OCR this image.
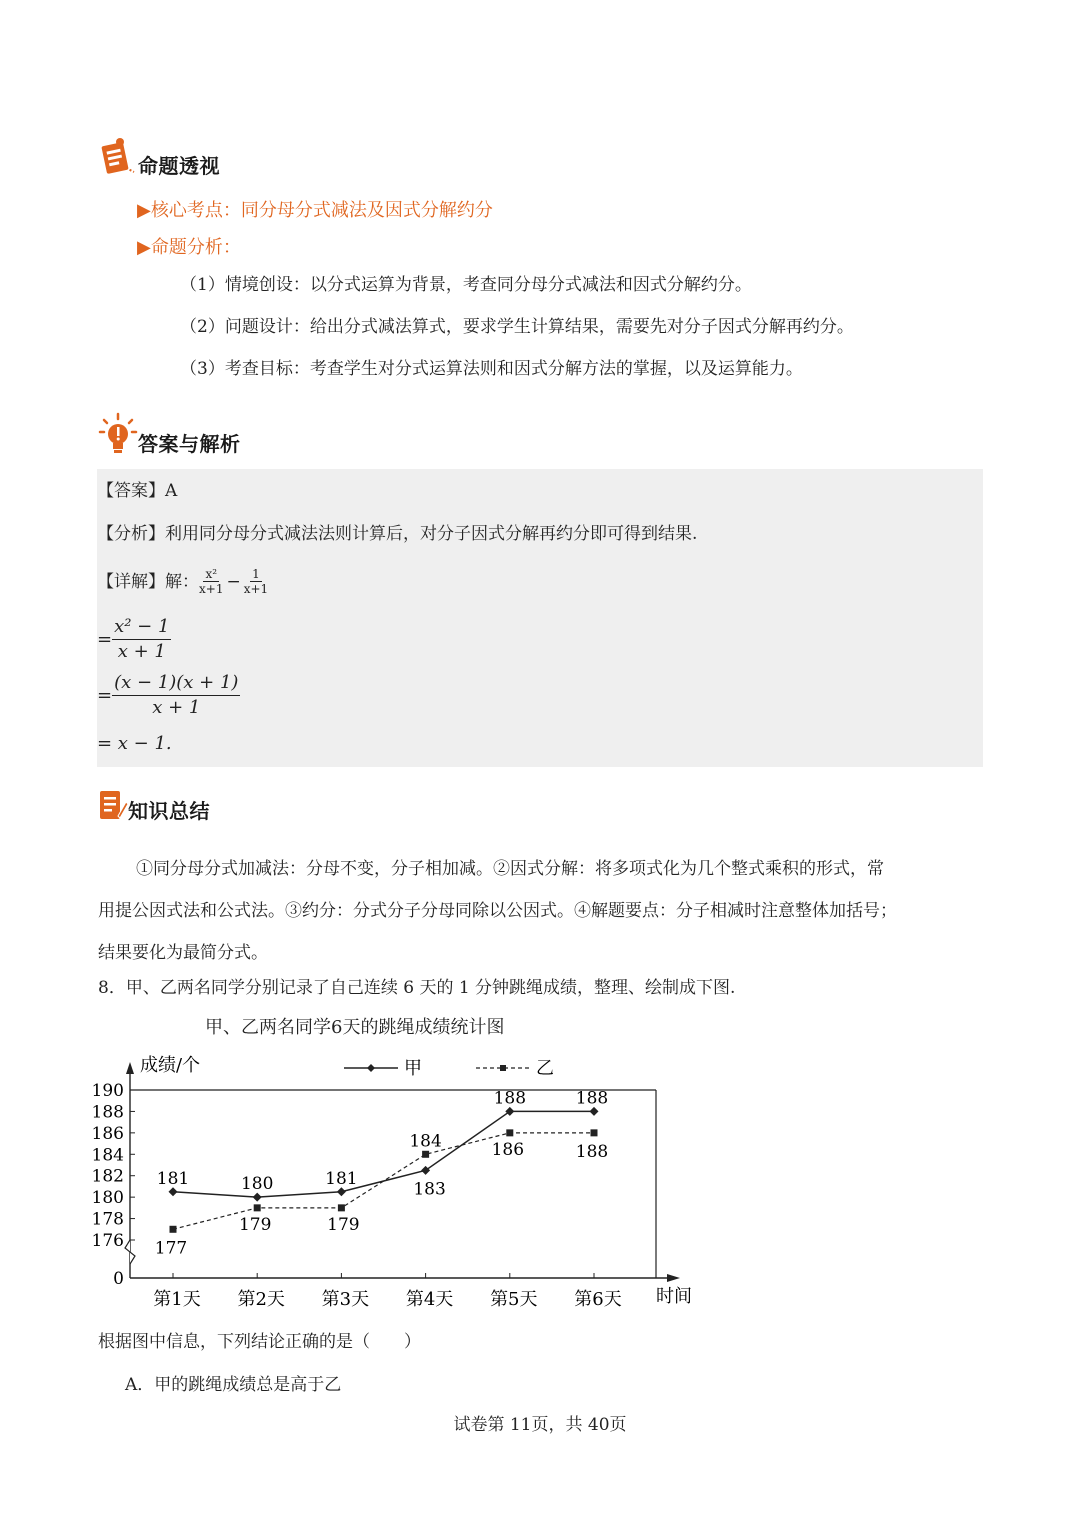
命题透视
▶核心考点：同分母分式减法及因式分解约分
▶命题分析：
（1）情境创设：以分式运算为背景，考查同分母分式减法和因式分解约分。
（2）问题设计：给出分式减法算式，要求学生计算结果，需要先对分子因式分解再约分。
（3）考查目标：考查学生对分式运算法则和因式分解方法的掌握，以及运算能力。
答案与解析
【答案】A
【分析】利用同分母分式减法法则计算后，对分子因式分解再约分即可得到结果.
【详解】解： $\frac{\text{x²}}{x+1} - \frac{1}{x+1}$
= $\frac{\text{x² − 1}}{x + 1}$
= $\frac{(x - 1)(x + 1)}{x + 1}$
= x − 1.
知识总结

①同分母分式加减法：分母不变，分子相加减。②因式分解：将多项式化为几个整式乘积的形式，常

用提公因式法和公式法。③约分：分式分子分母同除以公因式。④解题要点：分子相减时注意整体加括号；

结果要化为最简分式。

8．甲、乙两名同学分别记录了自己连续 6 天的 1 分钟跳绳成绩，整理、绘制成下图.
甲、乙两名同学6天的跳绳成绩统计图
0
176
178
180
182
184
186
188
190
成绩/个
第1天 第2天 第3天 第4天 第5天 第6天 时间
甲	乙
181	180	181
183
188	188
177
179	179
184	186	188
根据图中信息，下列结论正确的是（　　）
A．甲的跳绳成绩总是高于乙
试卷第 11页，共 40页
